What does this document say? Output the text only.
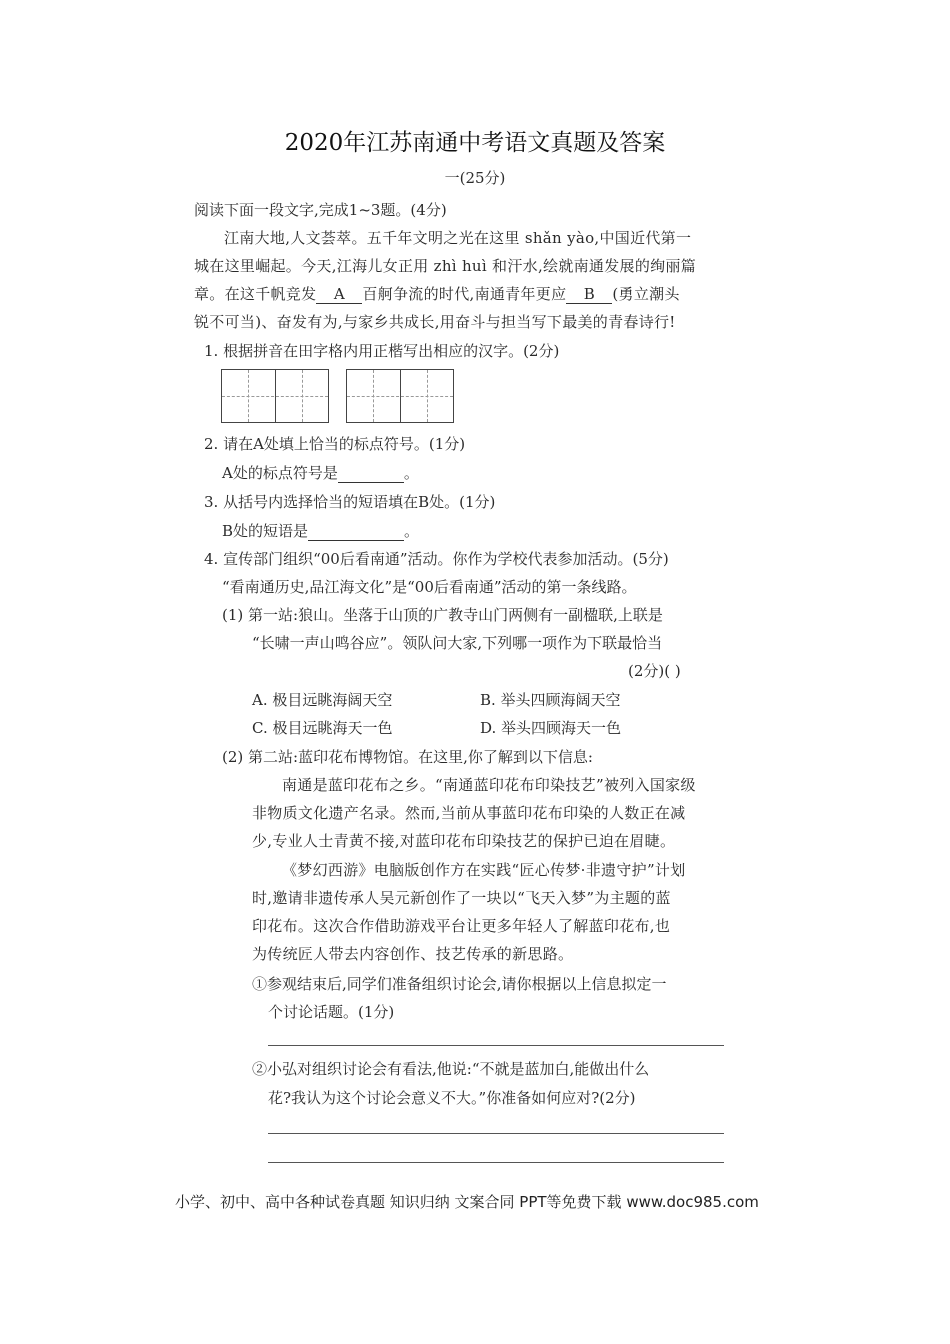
2020年江苏南通中考语文真题及答案
一(25分)
阅读下面一段文字,完成1~3题。(4分)
江南大地,人文荟萃。五千年文明之光在这里 shǎn yào,中国近代第一
城在这里崛起。今天,江海儿女正用 zhì huì 和汗水,绘就南通发展的绚丽篇
章。在这千帆竞发 A 百舸争流的时代,南通青年更应 B (勇立潮头
锐不可当)、奋发有为,与家乡共成长,用奋斗与担当写下最美的青春诗行!
1. 根据拼音在田字格内用正楷写出相应的汉字。(2分)
2. 请在A处填上恰当的标点符号。(1分)
A处的标点符号是	。
3. 从括号内选择恰当的短语填在B处。(1分)
B处的短语是	。
4. 宣传部门组织“00后看南通”活动。你作为学校代表参加活动。(5分)
“看南通历史,品江海文化”是“00后看南通”活动的第一条线路。
(1) 第一站:狼山。坐落于山顶的广教寺山门两侧有一副楹联,上联是
“长啸一声山鸣谷应”。领队问大家,下列哪一项作为下联最恰当
(2分)( )
A. 极目远眺海阔天空	B. 举头四顾海阔天空
C. 极目远眺海天一色	D. 举头四顾海天一色
(2) 第二站:蓝印花布博物馆。在这里,你了解到以下信息:
南通是蓝印花布之乡。“南通蓝印花布印染技艺”被列入国家级
非物质文化遗产名录。然而,当前从事蓝印花布印染的人数正在减
少,专业人士青黄不接,对蓝印花布印染技艺的保护已迫在眉睫。
《梦幻西游》电脑版创作方在实践“匠心传梦·非遗守护”计划
时,邀请非遗传承人吴元新创作了一块以“飞天入梦”为主题的蓝
印花布。这次合作借助游戏平台让更多年轻人了解蓝印花布,也
为传统匠人带去内容创作、技艺传承的新思路。
①参观结束后,同学们准备组织讨论会,请你根据以上信息拟定一
个讨论话题。(1分)
②小弘对组织讨论会有看法,他说:“不就是蓝加白,能做出什么
花?我认为这个讨论会意义不大。”你准备如何应对?(2分)
小学、初中、高中各种试卷真题 知识归纳 文案合同 PPT等免费下载 www.doc985.com
